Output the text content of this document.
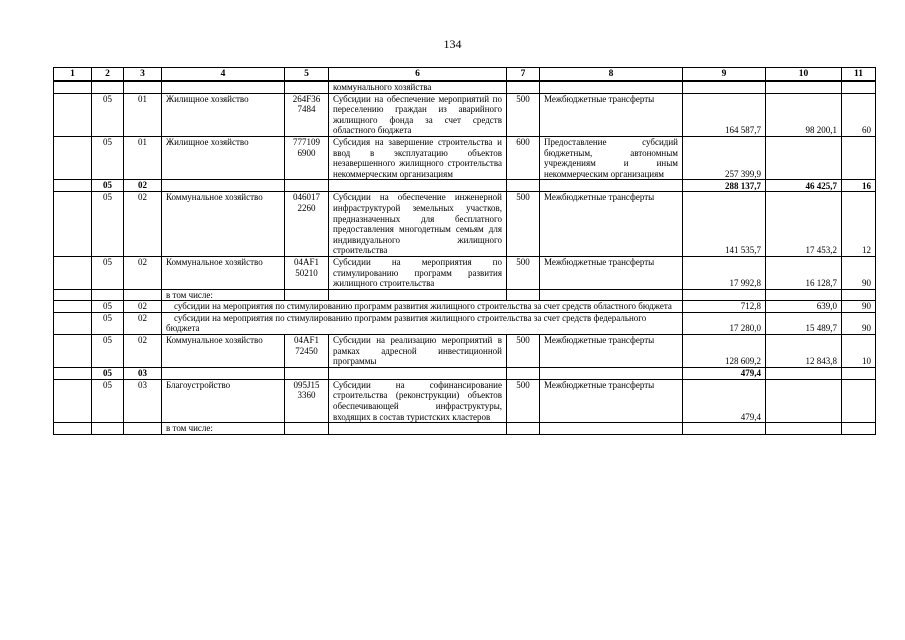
134
1	2	3	4	5	6	7	8	9	10	11
					коммунального хозяйства					
	05	01	Жилищное хозяйство	264F36 7484	Субсидии на обеспечение мероприятий по переселению граждан из аварийного жилищного фонда за счет средств областного бюджета	500	Межбюджетные трансферты	164 587,7	98 200,1	60
	05	01	Жилищное хозяйство	777109 6900	Субсидия на завершение строительства и ввод в эксплуатацию объектов незавершенного жилищного строительства некоммерческим организациям	600	Предоставление субсидий бюджетным, автономным учреждениям и иным некоммерческим организациям	257 399,9		
	05	02						288 137,7	46 425,7	16
	05	02	Коммунальное хозяйство	046017 2260	Субсидии на обеспечение инженерной инфраструктурой земельных участков, предназначенных для бесплатного предоставления многодетным семьям для индивидуального жилищного строительства	500	Межбюджетные трансферты	141 535,7	17 453,2	12
	05	02	Коммунальное хозяйство	04AF1 50210	Субсидии на мероприятия по стимулированию программ развития жилищного строительства	500	Межбюджетные трансферты	17 992,8	16 128,7	90
			в том числе:							
	05	02	субсидии на мероприятия по стимулированию программ развития жилищного строительства за счет средств областного бюджета					712,8	639,0	90
	05	02	субсидии на мероприятия по стимулированию программ развития жилищного строительства за счет средств федерального бюджета					17 280,0	15 489,7	90
	05	02	Коммунальное хозяйство	04AF1 72450	Субсидии на реализацию мероприятий в рамках адресной инвестиционной программы	500	Межбюджетные трансферты	128 609,2	12 843,8	10
	05	03						479,4		
	05	03	Благоустройство	095J15 3360	Субсидии на софинансирование строительства (реконструкции) объектов обеспечивающей инфраструктуры, входящих в состав туристских кластеров	500	Межбюджетные трансферты	479,4		
			в том числе:							
